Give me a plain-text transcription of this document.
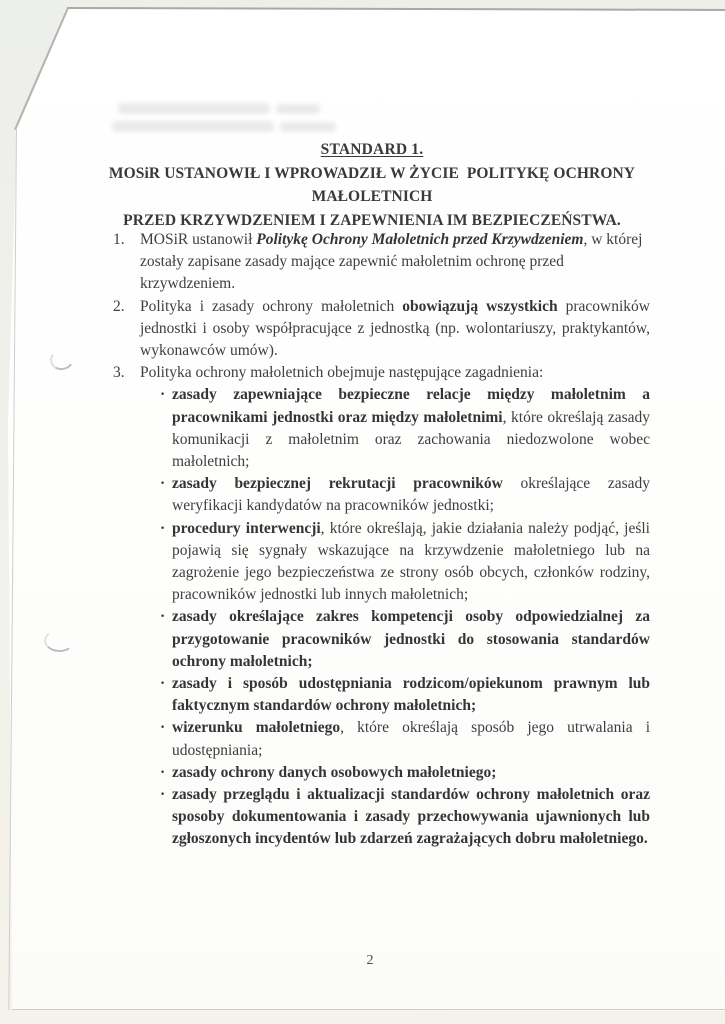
STANDARD 1.
MOSiR USTANOWIŁ I WPROWADZIŁ W ŻYCIE  POLITYKĘ OCHRONY MAŁOLETNICH
PRZED KRZYWDZENIEM I ZAPEWNIENIA IM BEZPIECZEŃSTWA.
1. MOSiR ustanowił Politykę Ochrony Małoletnich przed Krzywdzeniem, w której zostały zapisane zasady mające zapewnić małoletnim ochronę przed krzywdzeniem.
2. Polityka i zasady ochrony małoletnich obowiązują wszystkich pracowników jednostki i osoby współpracujące z jednostką (np. wolontariuszy, praktykantów, wykonawców umów).
3. Polityka ochrony małoletnich obejmuje następujące zagadnienia:
· zasady zapewniające bezpieczne relacje między małoletnim a pracownikami jednostki oraz między małoletnimi, które określają zasady komunikacji z małoletnim oraz zachowania niedozwolone wobec małoletnich;
· zasady bezpiecznej rekrutacji pracowników określające zasady weryfikacji kandydatów na pracowników jednostki;
· procedury interwencji, które określają, jakie działania należy podjąć, jeśli pojawią się sygnały wskazujące na krzywdzenie małoletniego lub na zagrożenie jego bezpieczeństwa ze strony osób obcych, członków rodziny, pracowników jednostki lub innych małoletnich;
· zasady określające zakres kompetencji osoby odpowiedzialnej za przygotowanie pracowników jednostki do stosowania standardów ochrony małoletnich;
· zasady i sposób udostępniania rodzicom/opiekunom prawnym lub faktycznym standardów ochrony małoletnich;
· wizerunku małoletniego, które określają sposób jego utrwalania i udostępniania;
· zasady ochrony danych osobowych małoletniego;
· zasady przeglądu i aktualizacji standardów ochrony małoletnich oraz sposoby dokumentowania i zasady przechowywania ujawnionych lub zgłoszonych incydentów lub zdarzeń zagrażających dobru małoletniego.
2
